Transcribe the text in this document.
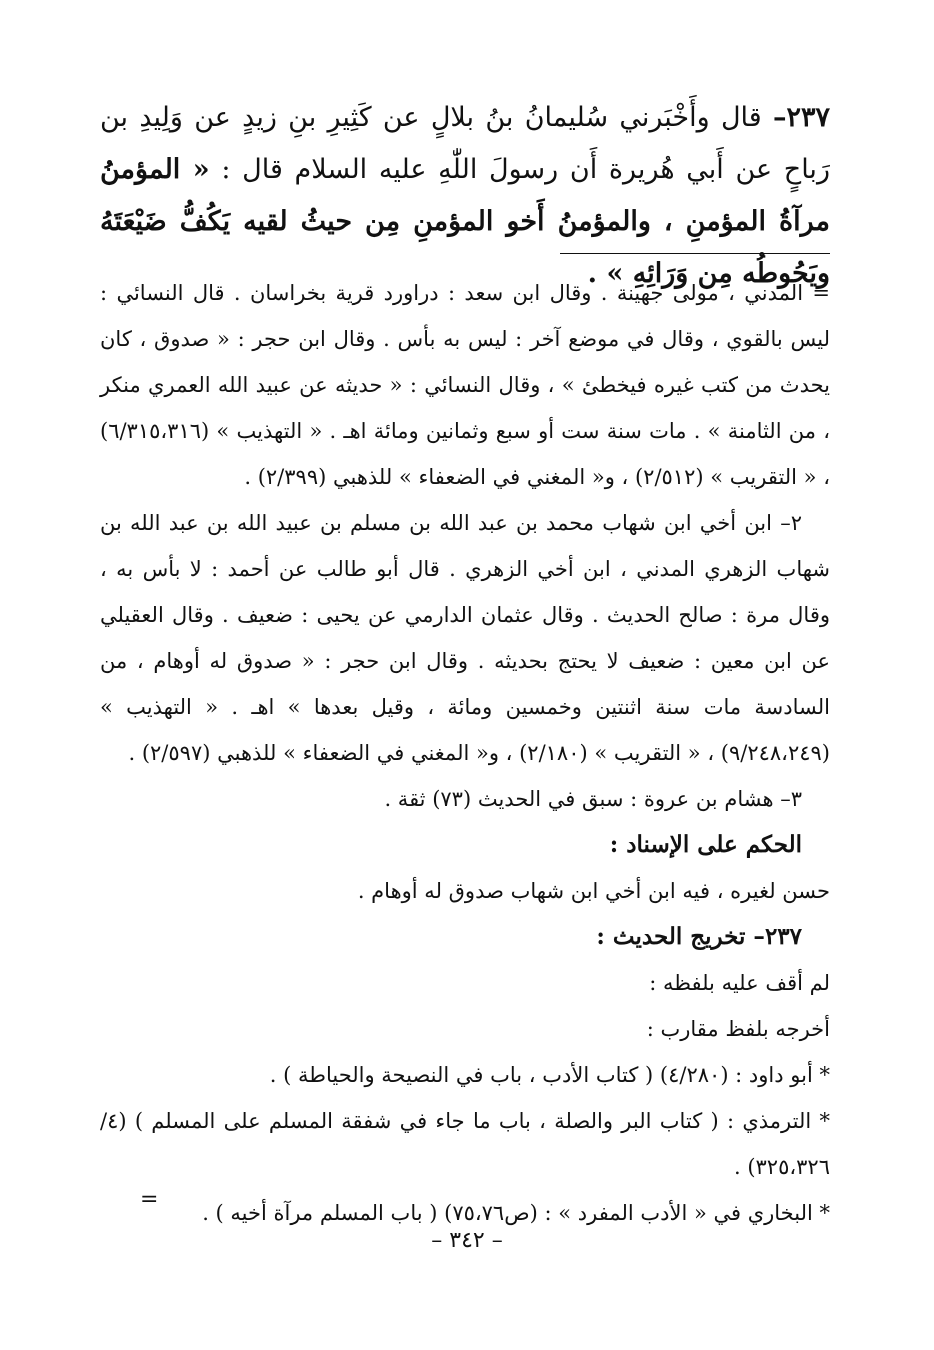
٢٣٧– قال وأَخْبَرني سُليمانُ بنُ بلالٍ عن كَثِيرِ بنِ زيدٍ عن وَلِيدِ بن رَباحٍ عن أَبي هُريرة أَن رسولَ اللّٰهِ عليه السلام قال : « المؤمنُ مرآةُ المؤمنِ ، والمؤمنُ أَخو المؤمنِ مِن حيثُ لقيه يَكُفُّ ضَيْعَتَهُ ويَحُوطُه مِن وَرَائِهِ » .

= المدني ، مولى جهينة . وقال ابن سعد : دراورد قرية بخراسان . قال النسائي : ليس بالقوي ، وقال في موضع آخر : ليس به بأس . وقال ابن حجر : « صدوق ، كان يحدث من كتب غيره فيخطئ » ، وقال النسائي : « حديثه عن عبيد الله العمري منكر ، من الثامنة » . مات سنة ست أو سبع وثمانين ومائة اهـ . « التهذيب » (٦/٣١٥،٣١٦) ، « التقريب » (٢/٥١٢) ، و« المغني في الضعفاء » للذهبي (٢/٣٩٩) .

٢– ابن أخي ابن شهاب محمد بن عبد الله بن مسلم بن عبيد الله بن عبد الله بن شهاب الزهري المدني ، ابن أخي الزهري . قال أبو طالب عن أحمد : لا بأس به ، وقال مرة : صالح الحديث . وقال عثمان الدارمي عن يحيى : ضعيف . وقال العقيلي عن ابن معين : ضعيف لا يحتج بحديثه . وقال ابن حجر : « صدوق له أوهام ، من السادسة مات سنة اثنتين وخمسين ومائة ، وقيل بعدها » اهـ . « التهذيب » (٩/٢٤٨،٢٤٩) ، « التقريب » (٢/١٨٠) ، و« المغني في الضعفاء » للذهبي (٢/٥٩٧) .

٣– هشام بن عروة : سبق في الحديث (٧٣) ثقة .

الحكم على الإسناد :

حسن لغيره ، فيه ابن أخي ابن شهاب صدوق له أوهام .

٢٣٧– تخريج الحديث :

لم أقف عليه بلفظه :

أخرجه بلفظ مقارب :

* أبو داود : (٤/٢٨٠) ( كتاب الأدب ، باب في النصيحة والحياطة ) .

* الترمذي : ( كتاب البر والصلة ، باب ما جاء في شفقة المسلم على المسلم ) (٤/ ٣٢٥،٣٢٦) .

* البخاري في « الأدب المفرد » : (ص٧٥،٧٦) ( باب المسلم مرآة أخيه ) .

=
– ٣٤٢ –
